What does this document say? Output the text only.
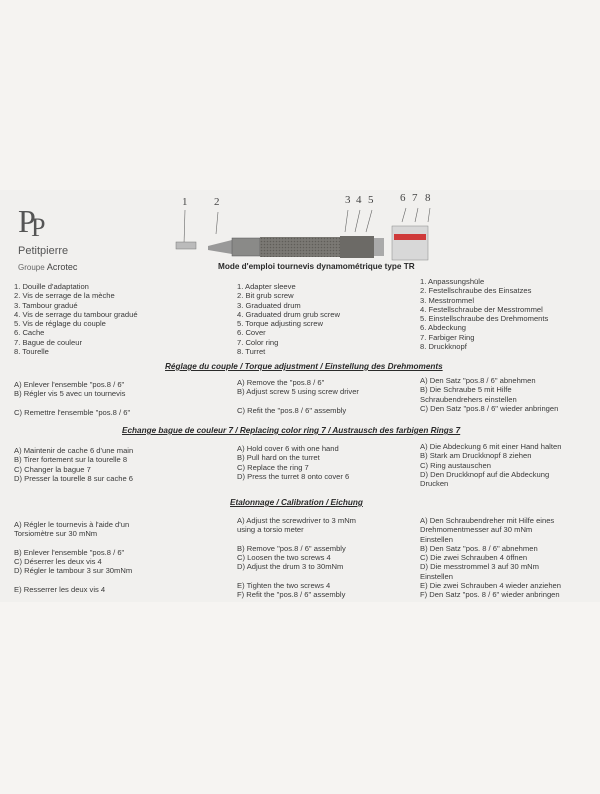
P
P
Petitpierre
Groupe Acrotec
1 2	3 4 5 6 7 8
Mode d'emploi tournevis dynamométrique type TR
1. Douille d'adaptation
2. Vis de serrage de la mèche
3. Tambour gradué
4. Vis de serrage du tambour gradué
5. Vis de réglage du couple
6. Cache
7. Bague de couleur
8. Tourelle
1. Adapter sleeve
2. Bit grub screw
3. Graduated drum
4. Graduated drum grub screw
5. Torque adjusting screw
6. Cover
7. Color ring
8. Turret
1. Anpassungshüle
2. Festellschraube des Einsatzes
3. Messtrommel
4. Festellschraube der Messtrommel
5. Einstellschraube des Drehmoments
6. Abdeckung
7. Farbiger Ring
8. Druckknopf
Réglage du couple / Torque adjustment / Einstellung des Drehmoments
A) Enlever l'ensemble "pos.8 / 6"
B) Régler vis 5 avec un tournevis

C) Remettre l'ensemble "pos.8 / 6"
A) Remove the "pos.8 / 6"
B) Adjust screw 5 using screw driver

C) Refit the "pos.8 / 6" assembly
A) Den Satz "pos.8 / 6" abnehmen
B) Die Schraube 5 mit Hilfe
Schraubendrehers einstellen
C) Den Satz "pos.8 / 6" wieder anbringen
Echange bague de couleur 7 / Replacing color ring 7 / Austrausch des farbigen Rings 7
A) Maintenir de cache 6 d'une main
B) Tirer fortement sur la tourelle 8
C) Changer la bague 7
D) Presser la tourelle 8 sur cache 6
A) Hold cover 6 with one hand
B) Pull hard on the turret
C) Replace the ring 7
D) Press the turret 8 onto cover 6
A) Die Abdeckung 6 mit einer Hand halten
B) Stark am Druckknopf 8 ziehen
C) Ring austauschen
D) Den Druckknopf auf die Abdeckung
Drucken
Etalonnage / Calibration / Eichung
A) Régler le tournevis à l'aide d'un
Torsiomètre sur 30 mNm

B) Enlever l'ensemble "pos.8 / 6"
C) Déserrer les deux vis 4
D) Régler le tambour 3 sur 30mNm

E) Resserrer les deux vis 4
A) Adjust the screwdriver to 3 mNm
using a torsio meter

B) Remove "pos.8 / 6" assembly
C) Loosen the two screws 4
D) Adjust the drum 3 to 30mNm

E) Tighten the two screws 4
F) Refit the "pos.8 / 6" assembly
A) Den Schraubendreher mit Hilfe eines
Drehmomentmesser auf 30 mNm
Einstellen
B) Den Satz "pos. 8 / 6" abnehmen
C) Die zwei Schrauben 4 öffnen
D) Die messtrommel 3 auf 30 mNm
Einstellen
E) Die zwei Schrauben 4 wieder anziehen
F) Den Satz "pos. 8 / 6" wieder anbringen
